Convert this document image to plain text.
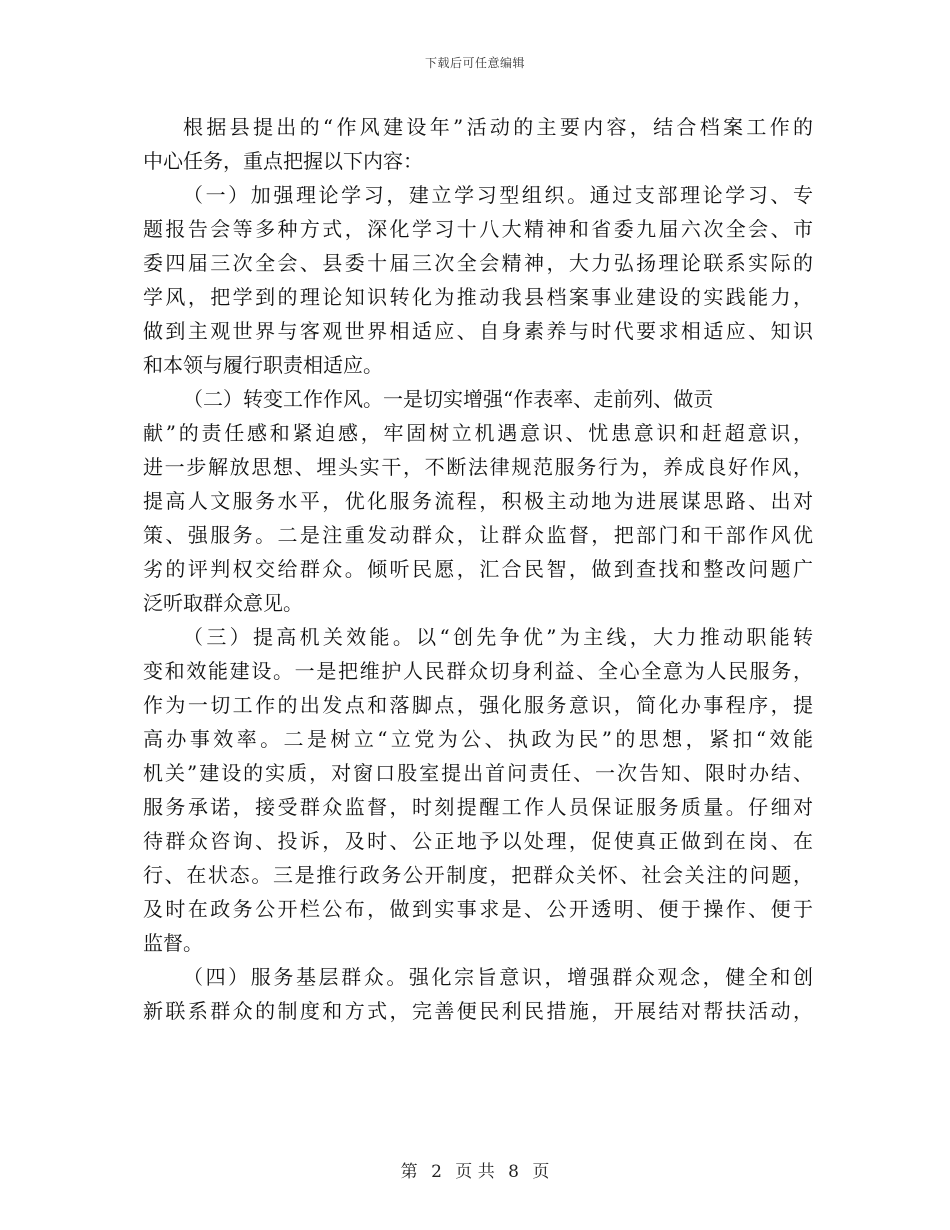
下载后可任意编辑
根据县提出的“作风建设年”活动的主要内容，结合档案工作的
中心任务，重点把握以下内容：
（一）加强理论学习，建立学习型组织。通过支部理论学习、专
题报告会等多种方式，深化学习十八大精神和省委九届六次全会、市
委四届三次全会、县委十届三次全会精神，大力弘扬理论联系实际的
学风，把学到的理论知识转化为推动我县档案事业建设的实践能力，
做到主观世界与客观世界相适应、自身素养与时代要求相适应、知识
和本领与履行职责相适应。
（二）转变工作作风。一是切实增强“作表率、走前列、做贡
献”的责任感和紧迫感，牢固树立机遇意识、忧患意识和赶超意识，
进一步解放思想、埋头实干，不断法律规范服务行为，养成良好作风，
提高人文服务水平，优化服务流程，积极主动地为进展谋思路、出对
策、强服务。二是注重发动群众，让群众监督，把部门和干部作风优
劣的评判权交给群众。倾听民愿，汇合民智，做到查找和整改问题广
泛听取群众意见。
（三）提高机关效能。以“创先争优”为主线，大力推动职能转
变和效能建设。一是把维护人民群众切身利益、全心全意为人民服务，
作为一切工作的出发点和落脚点，强化服务意识，简化办事程序，提
高办事效率。二是树立“立党为公、执政为民”的思想，紧扣“效能
机关”建设的实质，对窗口股室提出首问责任、一次告知、限时办结、
服务承诺，接受群众监督，时刻提醒工作人员保证服务质量。仔细对
待群众咨询、投诉，及时、公正地予以处理，促使真正做到在岗、在
行、在状态。三是推行政务公开制度，把群众关怀、社会关注的问题，
及时在政务公开栏公布，做到实事求是、公开透明、便于操作、便于
监督。
（四）服务基层群众。强化宗旨意识，增强群众观念，健全和创
新联系群众的制度和方式，完善便民利民措施，开展结对帮扶活动，
第 2 页 共 8 页
